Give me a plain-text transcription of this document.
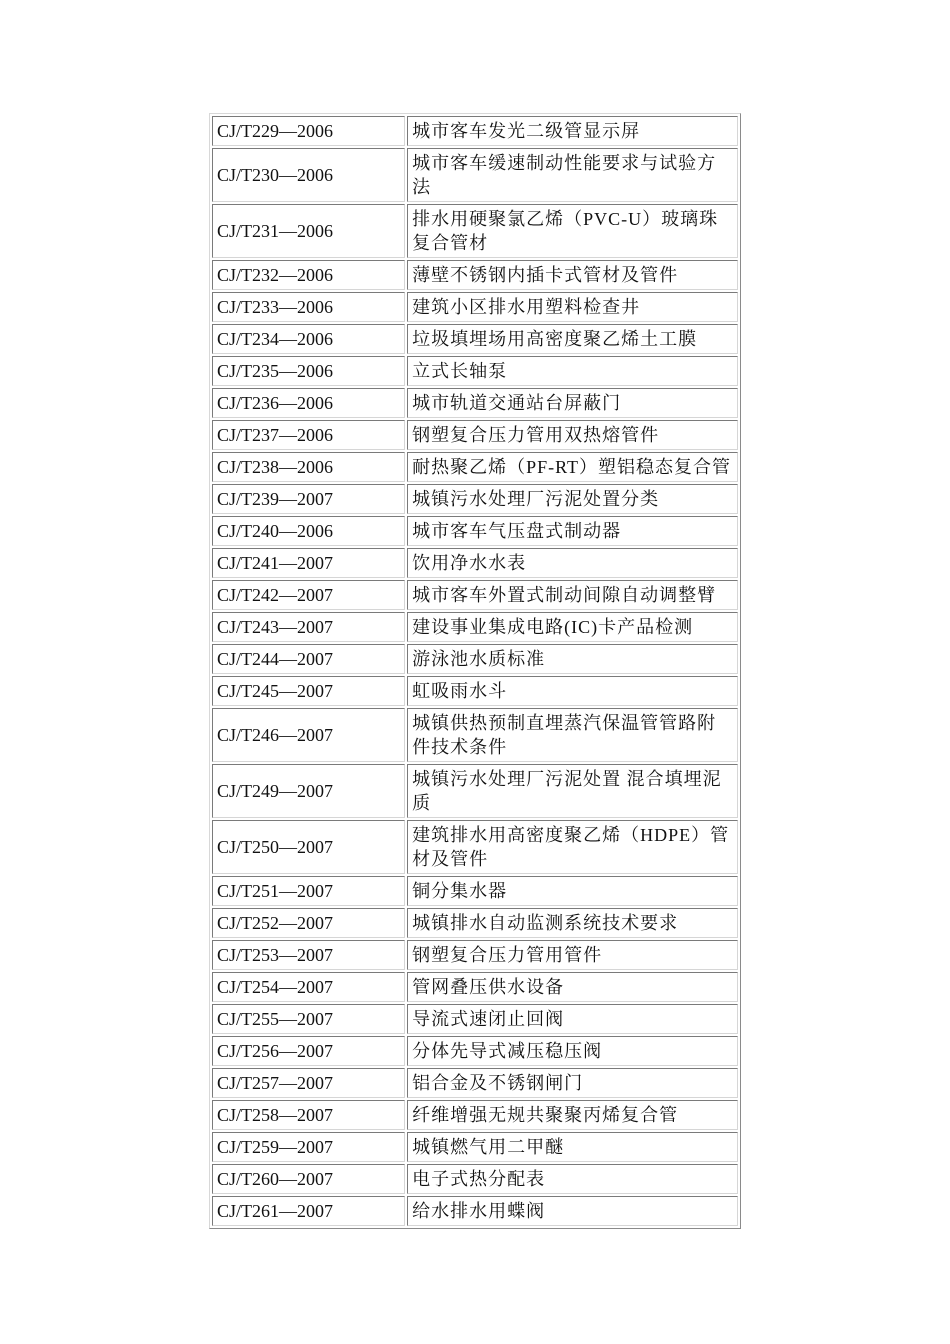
CJ/T229—2006	城市客车发光二级管显示屏
CJ/T230—2006	城市客车缓速制动性能要求与试验方法
CJ/T231—2006	排水用硬聚氯乙烯（PVC-U）玻璃珠复合管材
CJ/T232—2006	薄壁不锈钢内插卡式管材及管件
CJ/T233—2006	建筑小区排水用塑料检查井
CJ/T234—2006	垃圾填埋场用高密度聚乙烯土工膜
CJ/T235—2006	立式长轴泵
CJ/T236—2006	城市轨道交通站台屏蔽门
CJ/T237—2006	钢塑复合压力管用双热熔管件
CJ/T238—2006	耐热聚乙烯（PF-RT）塑铝稳态复合管
CJ/T239—2007	城镇污水处理厂污泥处置分类
CJ/T240—2006	城市客车气压盘式制动器
CJ/T241—2007	饮用净水水表
CJ/T242—2007	城市客车外置式制动间隙自动调整臂
CJ/T243—2007	建设事业集成电路(IC)卡产品检测
CJ/T244—2007	游泳池水质标准
CJ/T245—2007	虹吸雨水斗
CJ/T246—2007	城镇供热预制直埋蒸汽保温管管路附件技术条件
CJ/T249—2007	城镇污水处理厂污泥处置 混合填埋泥质
CJ/T250—2007	建筑排水用高密度聚乙烯（HDPE）管材及管件
CJ/T251—2007	铜分集水器
CJ/T252—2007	城镇排水自动监测系统技术要求
CJ/T253—2007	钢塑复合压力管用管件
CJ/T254—2007	管网叠压供水设备
CJ/T255—2007	导流式速闭止回阀
CJ/T256—2007	分体先导式减压稳压阀
CJ/T257—2007	铝合金及不锈钢闸门
CJ/T258—2007	纤维增强无规共聚聚丙烯复合管
CJ/T259—2007	城镇燃气用二甲醚
CJ/T260—2007	电子式热分配表
CJ/T261—2007	给水排水用蝶阀
